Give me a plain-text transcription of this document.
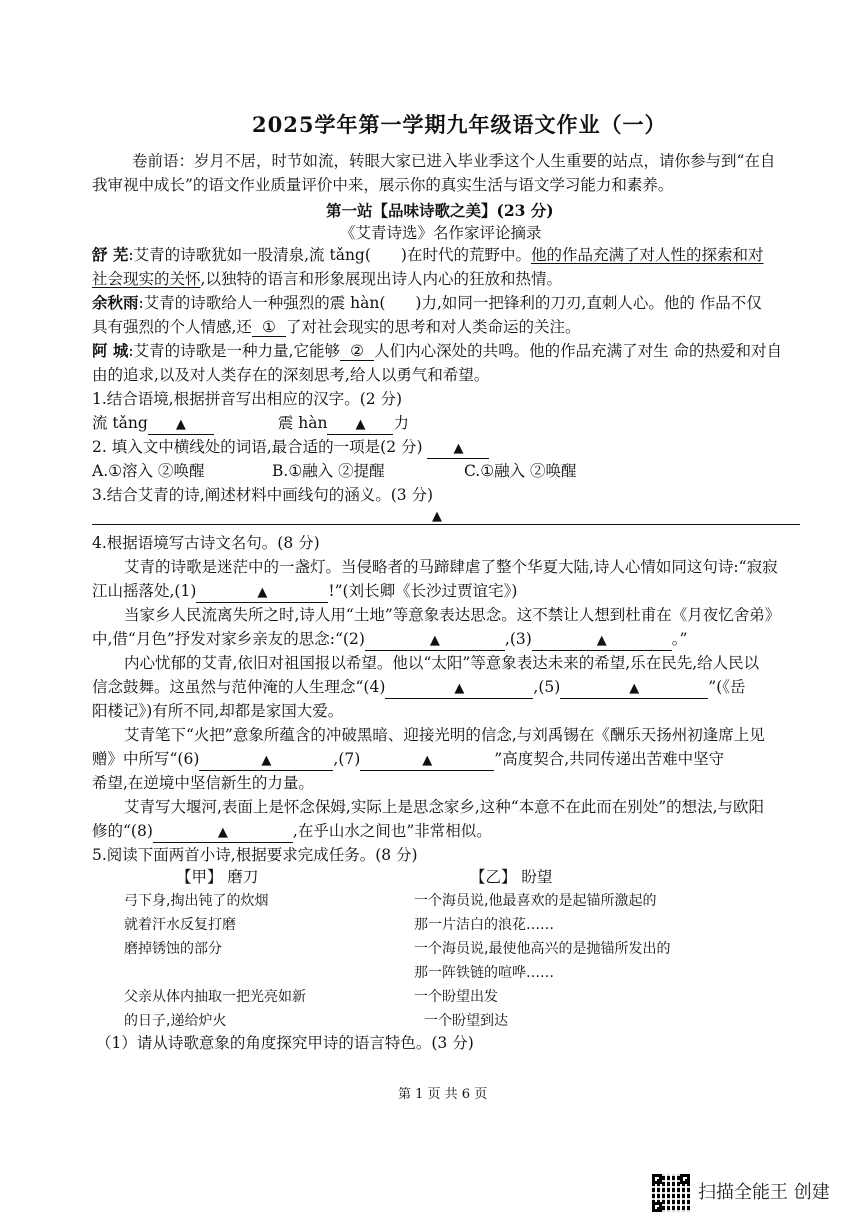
2025学年第一学期九年级语文作业（一）
卷前语：岁月不居，时节如流，转眼大家已进入毕业季这个人生重要的站点，请你参与到“在自
我审视中成长”的语文作业质量评价中来，展示你的真实生活与语文学习能力和素养。
第一站【品味诗歌之美】(23 分)
《艾青诗选》名作家评论摘录
舒 芜:艾青的诗歌犹如一股清泉,流 tǎng( )在时代的荒野中。他的作品充满了对人性的探索和对
社会现实的关怀,以独特的语言和形象展现出诗人内心的狂放和热情。
余秋雨:艾青的诗歌给人一种强烈的震 hàn( )力,如同一把锋利的刀刃,直刺人心。他的 作品不仅
具有强烈的个人情感,还 ① 了对社会现实的思考和对人类命运的关注。
阿 城:艾青的诗歌是一种力量,它能够 ② 人们内心深处的共鸣。他的作品充满了对生 命的热爱和对自
由的追求,以及对人类存在的深刻思考,给人以勇气和希望。
1.结合语境,根据拼音写出相应的汉字。(2 分)
流 tǎng ▲	震 hàn ▲ 力
2. 填入文中横线处的词语,最合适的一项是(2 分) ▲
A.①溶入 ②唤醒	B.①融入 ②提醒	C.①融入 ②唤醒
3.结合艾青的诗,阐述材料中画线句的涵义。(3 分)
▲
4.根据语境写古诗文名句。(8 分)
艾青的诗歌是迷茫中的一盏灯。当侵略者的马蹄肆虐了整个华夏大陆,诗人心情如同这句诗:“寂寂
江山摇落处,(1)	▲	!”(刘长卿《长沙过贾谊宅》)
当家乡人民流离失所之时,诗人用“土地”等意象表达思念。这不禁让人想到杜甫在《月夜忆舍弟》
中,借“月色”抒发对家乡亲友的思念:“(2)	▲	,(3)	▲	。”
内心忧郁的艾青,依旧对祖国报以希望。他以“太阳”等意象表达未来的希望,乐在民先,给人民以
信念鼓舞。这虽然与范仲淹的人生理念“(4)	▲	,(5)	▲	”(《岳
阳楼记》)有所不同,却都是家国大爱。
艾青笔下“火把”意象所蕴含的冲破黑暗、迎接光明的信念,与刘禹锡在《酬乐天扬州初逢席上见
赠》中所写“(6)	▲	,(7)	▲	”高度契合,共同传递出苦难中坚守
希望,在逆境中坚信新生的力量。
艾青写大堰河,表面上是怀念保姆,实际上是思念家乡,这种“本意不在此而在别处”的想法,与欧阳
修的“(8)	▲	,在乎山水之间也”非常相似。
5.阅读下面两首小诗,根据要求完成任务。(8 分)
【甲】 磨刀	【乙】 盼望
弓下身,掏出钝了的炊烟
就着汗水反复打磨
磨掉锈蚀的部分
父亲从体内抽取一把光亮如新
的日子,递给炉火
一个海员说,他最喜欢的是起锚所激起的
那一片洁白的浪花……
一个海员说,最使他高兴的是抛锚所发出的
那一阵铁链的喧哗……
一个盼望出发
一个盼望到达
（1）请从诗歌意象的角度探究甲诗的语言特色。(3 分)
第 1 页 共 6 页
扫描全能王 创建
